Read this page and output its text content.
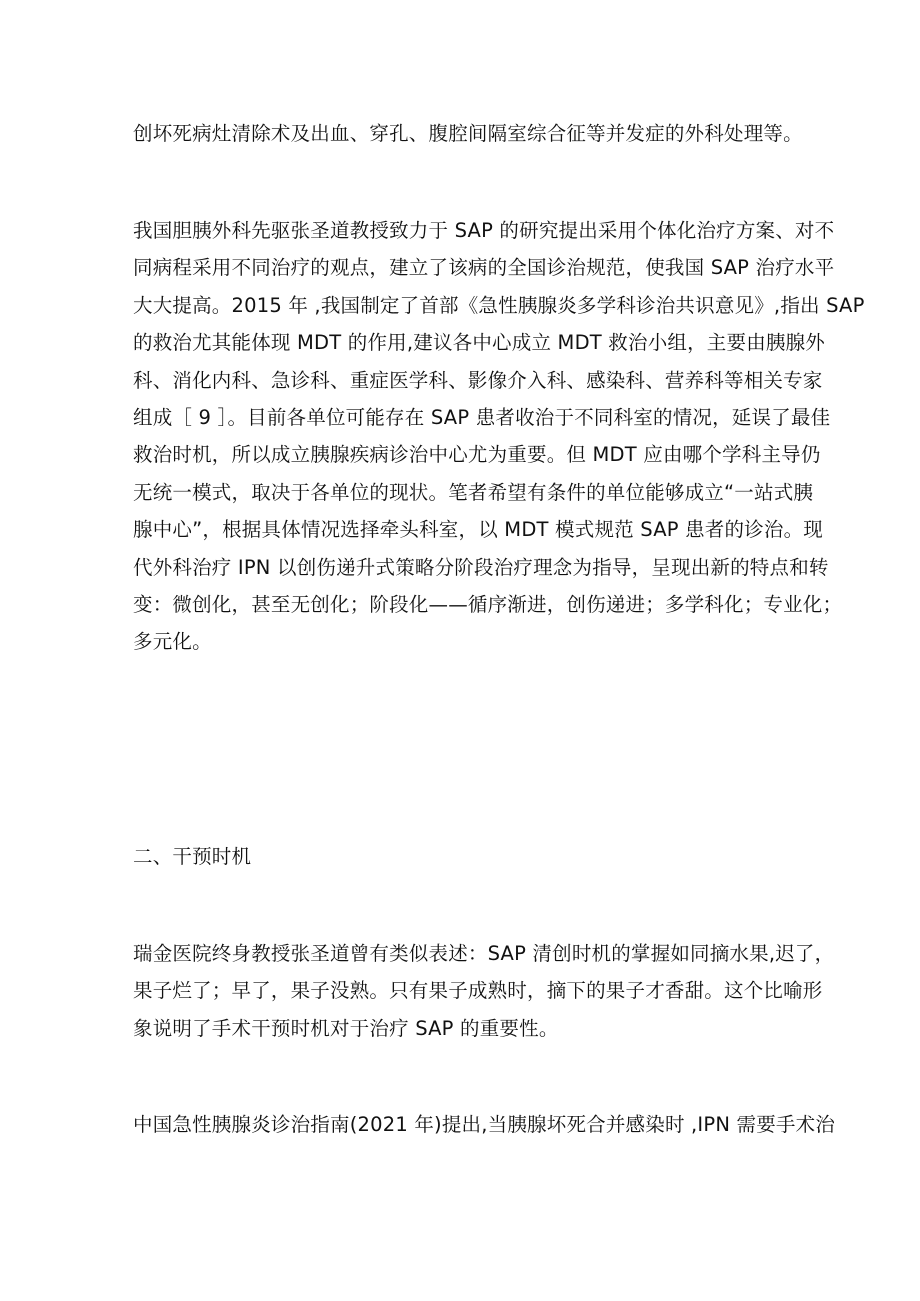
创坏死病灶清除术及出血、穿孔、腹腔间隔室综合征等并发症的外科处理等。

我国胆胰外科先驱张圣道教授致力于 SAP 的研究提出采用个体化治疗方案、对不
同病程采用不同治疗的观点，建立了该病的全国诊治规范，使我国 SAP 治疗水平
大大提高。2015 年 ,我国制定了首部《急性胰腺炎多学科诊治共识意见》,指出 SAP
的救治尤其能体现 MDT 的作用,建议各中心成立 MDT 救治小组，主要由胰腺外
科、消化内科、急诊科、重症医学科、影像介入科、感染科、营养科等相关专家
组成［ 9 ］。目前各单位可能存在 SAP 患者收治于不同科室的情况，延误了最佳
救治时机，所以成立胰腺疾病诊治中心尤为重要。但 MDT 应由哪个学科主导仍
无统一模式，取决于各单位的现状。笔者希望有条件的单位能够成立“一站式胰
腺中心”，根据具体情况选择牵头科室，以 MDT 模式规范 SAP 患者的诊治。现
代外科治疗 IPN 以创伤递升式策略分阶段治疗理念为指导，呈现出新的特点和转
变：微创化，甚至无创化；阶段化——循序渐进，创伤递进；多学科化；专业化；
多元化。

二、干预时机

瑞金医院终身教授张圣道曾有类似表述：SAP 清创时机的掌握如同摘水果,迟了，
果子烂了；早了，果子没熟。只有果子成熟时，摘下的果子才香甜。这个比喻形
象说明了手术干预时机对于治疗 SAP 的重要性。

中国急性胰腺炎诊治指南(2021 年)提出,当胰腺坏死合并感染时 ,IPN 需要手术治
